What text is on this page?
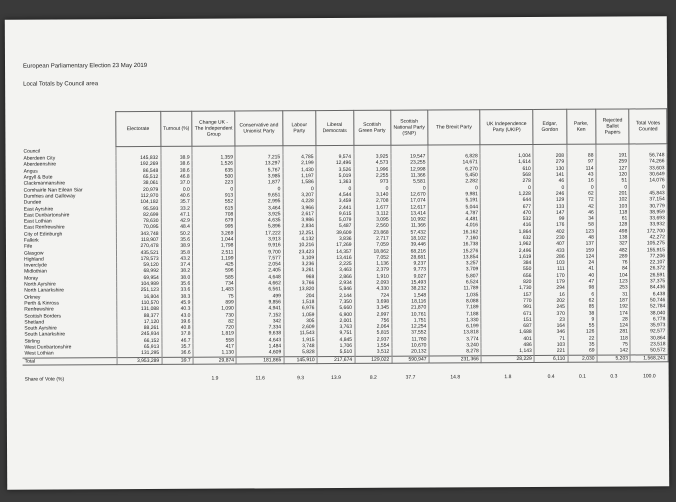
European Parliamentary Election 23 May 2019
Local Totals by Council area
	Electorate	Turnout (%)	Change UK - The Independent Group	Conservative and Unionist Party	Labour Party	Liberal Democrats	Scottish Green Party	Scottish National Party (SNP)	The Brexit Party	UK Independence Party (UKIP)	Edgar, Gordon	Parke, Ken	Rejected Ballot Papers	Total Votes Counted
Council														
Aberdeen City	145,832	38.9	1,359	7,215	4,785	9,574	3,925	19,547	6,828	1,004	208	88	191	56,748
Aberdeenshire	192,269	38.6	1,526	13,297	2,199	12,496	4,573	23,255	14,671	1,614	279	97	259	74,266
Angus	86,548	38.6	635	5,767	1,430	3,526	1,996	12,998	6,270	610	130	114	127	33,603
Argyll & Bute	65,512	46.8	500	3,985	1,197	5,019	2,255	11,366	5,450	568	141	43	120	30,649
Clackmannanshire	38,061	37.0	223	1,877	1,586	1,363	973	5,581	2,282	278	46	16	51	14,076
Comhairle Nan Eilean Siar	20,979	0.0	0	0	0	0	0	0	0	0	0	0	0	0
Dumfries and Galloway	112,970	40.6	913	9,651	3,207	4,544	3,140	12,670	9,981	1,228	246	62	201	45,843
Dundee	104,182	35.7	552	2,995	4,228	3,459	2,708	17,074	5,191	644	129	72	102	37,154
East Ayrshire	95,593	33.2	615	3,464	3,966	2,441	1,677	12,617	5,044	677	133	42	103	30,779
East Dunbartonshire	82,699	47.1	708	3,925	2,617	9,615	3,112	13,414	4,787	470	147	46	118	38,959
East Lothian	78,630	42.9	679	4,635	3,986	5,079	3,095	10,992	4,481	532	99	34	61	33,693
East Renfrewshire	70,095	48.4	995	5,896	2,834	5,487	2,560	11,366	4,016	416	176	58	128	33,932
City of Edinburgh	343,748	50.2	3,269	17,222	12,251	39,609	23,868	57,432	16,162	1,864	402	123	498	172,700
Falkirk	118,907	35.6	1,044	3,913	4,132	3,836	2,717	18,102	7,160	632	230	48	138	42,272
Fife	270,478	38.9	1,798	9,916	10,216	17,269	7,059	39,446	16,738	1,962	407	137	327	105,275
Glasgow	435,521	35.8	2,511	9,700	23,423	14,357	18,862	68,216	15,276	2,496	433	159	482	155,915
Highland	178,573	43.2	1,199	7,577	3,109	13,416	7,052	28,681	13,854	1,619	286	124	289	77,206
Inverclyde	59,120	37.4	425	2,054	3,236	2,225	1,136	9,237	3,257	384	103	24	76	22,107
Midlothian	68,992	38.2	596	2,405	3,261	3,463	2,379	9,773	3,709	550	111	41	84	26,372
Moray	69,954	38.0	585	4,648	968	2,866	1,910	9,027	5,807	656	170	40	104	26,591
North Ayrshire	104,989	35.6	734	4,662	3,766	2,934	2,093	15,493	6,524	820	179	47	123	37,375
North Lanarkshire	251,123	33.6	1,483	6,561	13,820	5,846	4,330	38,232	11,789	1,730	294	98	253	84,436
Orkney	16,804	38.3	75	499	204	2,144	724	1,548	1,035	157	16	6	31	6,438
Perth & Kinross	110,570	45.9	899	9,856	1,518	7,350	3,698	18,116	8,088	770	202	62	187	50,746
Renfrewshire	131,088	40.3	1,090	4,941	6,976	5,660	3,345	21,870	7,189	991	245	85	192	52,784
Scottish Borders	88,377	43.0	730	7,152	1,059	6,900	2,997	10,761	7,188	671	370	38	174	38,040
Shetland	17,120	39.6	82	342	305	2,001	756	1,751	1,330	151	23	9	28	6,778
South Ayrshire	88,261	40.8	720	7,334	2,609	3,763	2,064	12,254	6,199	687	164	55	124	35,973
South Lanarkshire	245,934	37.8	1,819	9,638	11,543	9,751	5,815	37,552	13,818	1,688	346	126	281	92,577
Stirling	66,152	46.7	558	4,643	1,915	4,845	2,937	11,760	3,774	401	71	22	118	30,864
West Dunbartonshire	65,913	35.7	417	1,484	3,748	1,706	1,554	10,670	3,240	486	103	35	75	23,518
West Lothian	131,295	36.6	1,130	4,609	5,828	5,510	3,512	20,132	8,278	1,143	221	69	142	50,572
Total	3,953,289	39.7	29,874	181,865	145,910	217,674	129,022	590,947	231,366	28,229	6,110	2,030	5,203	1,568,241
Share of Vote (%)			1.9	11.6	9.3	13.9	8.2	37.7	14.8	1.8	0.4	0.1	0.3	100.0
